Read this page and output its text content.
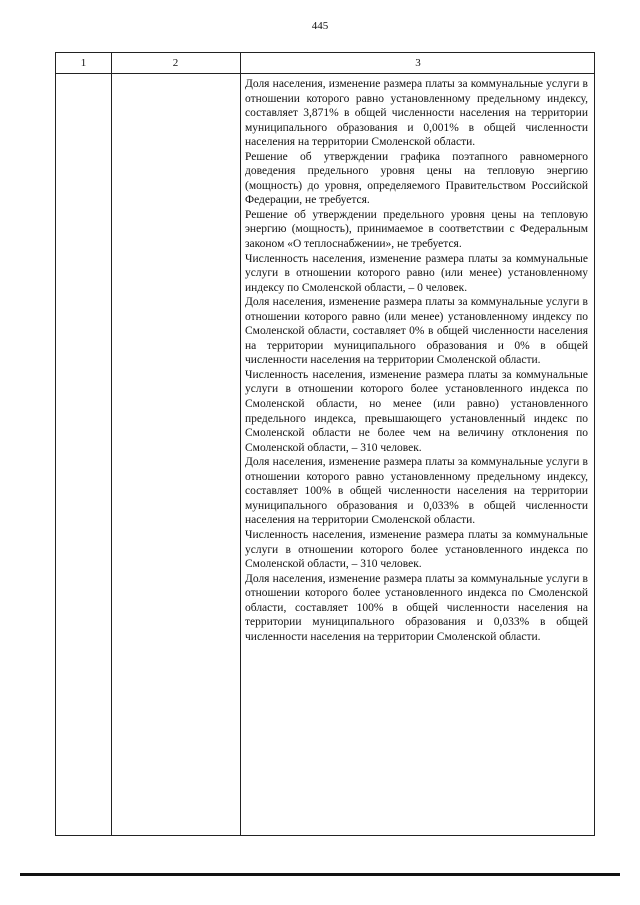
445
1	2	3

Доля населения, изменение размера платы за коммунальные услуги в отношении которого равно установленному предельному индексу, составляет 3,871% в общей численности населения на территории муниципального образования и 0,001% в общей численности населения на территории Смоленской области.

Решение об утверждении графика поэтапного равномерного доведения предельного уровня цены на тепловую энергию (мощность) до уровня, определяемого Правительством Российской Федерации, не требуется.

Решение об утверждении предельного уровня цены на тепловую энергию (мощность), принимаемое в соответствии с Федеральным законом «О теплоснабжении», не требуется.

Численность населения, изменение размера платы за коммунальные услуги в отношении которого равно (или менее) установленному индексу по Смоленской области, – 0 человек.

Доля населения, изменение размера платы за коммунальные услуги в отношении которого равно (или менее) установленному индексу по Смоленской области, составляет 0% в общей численности населения на территории муниципального образования и 0% в общей численности населения на территории Смоленской области.

Численность населения, изменение размера платы за коммунальные услуги в отношении которого более установленного индекса по Смоленской области, но менее (или равно) установленного предельного индекса, превышающего установленный индекс по Смоленской области не более чем на величину отклонения по Смоленской области, – 310 человек.

Доля населения, изменение размера платы за коммунальные услуги в отношении которого равно установленному предельному индексу, составляет 100% в общей численности населения на территории муниципального образования и 0,033% в общей численности населения на территории Смоленской области.

Численность населения, изменение размера платы за коммунальные услуги в отношении которого более установленного индекса по Смоленской области, – 310 человек.

Доля населения, изменение размера платы за коммунальные услуги в отношении которого более установленного индекса по Смоленской области, составляет 100% в общей численности населения на территории муниципального образования и 0,033% в общей численности населения на территории Смоленской области.
